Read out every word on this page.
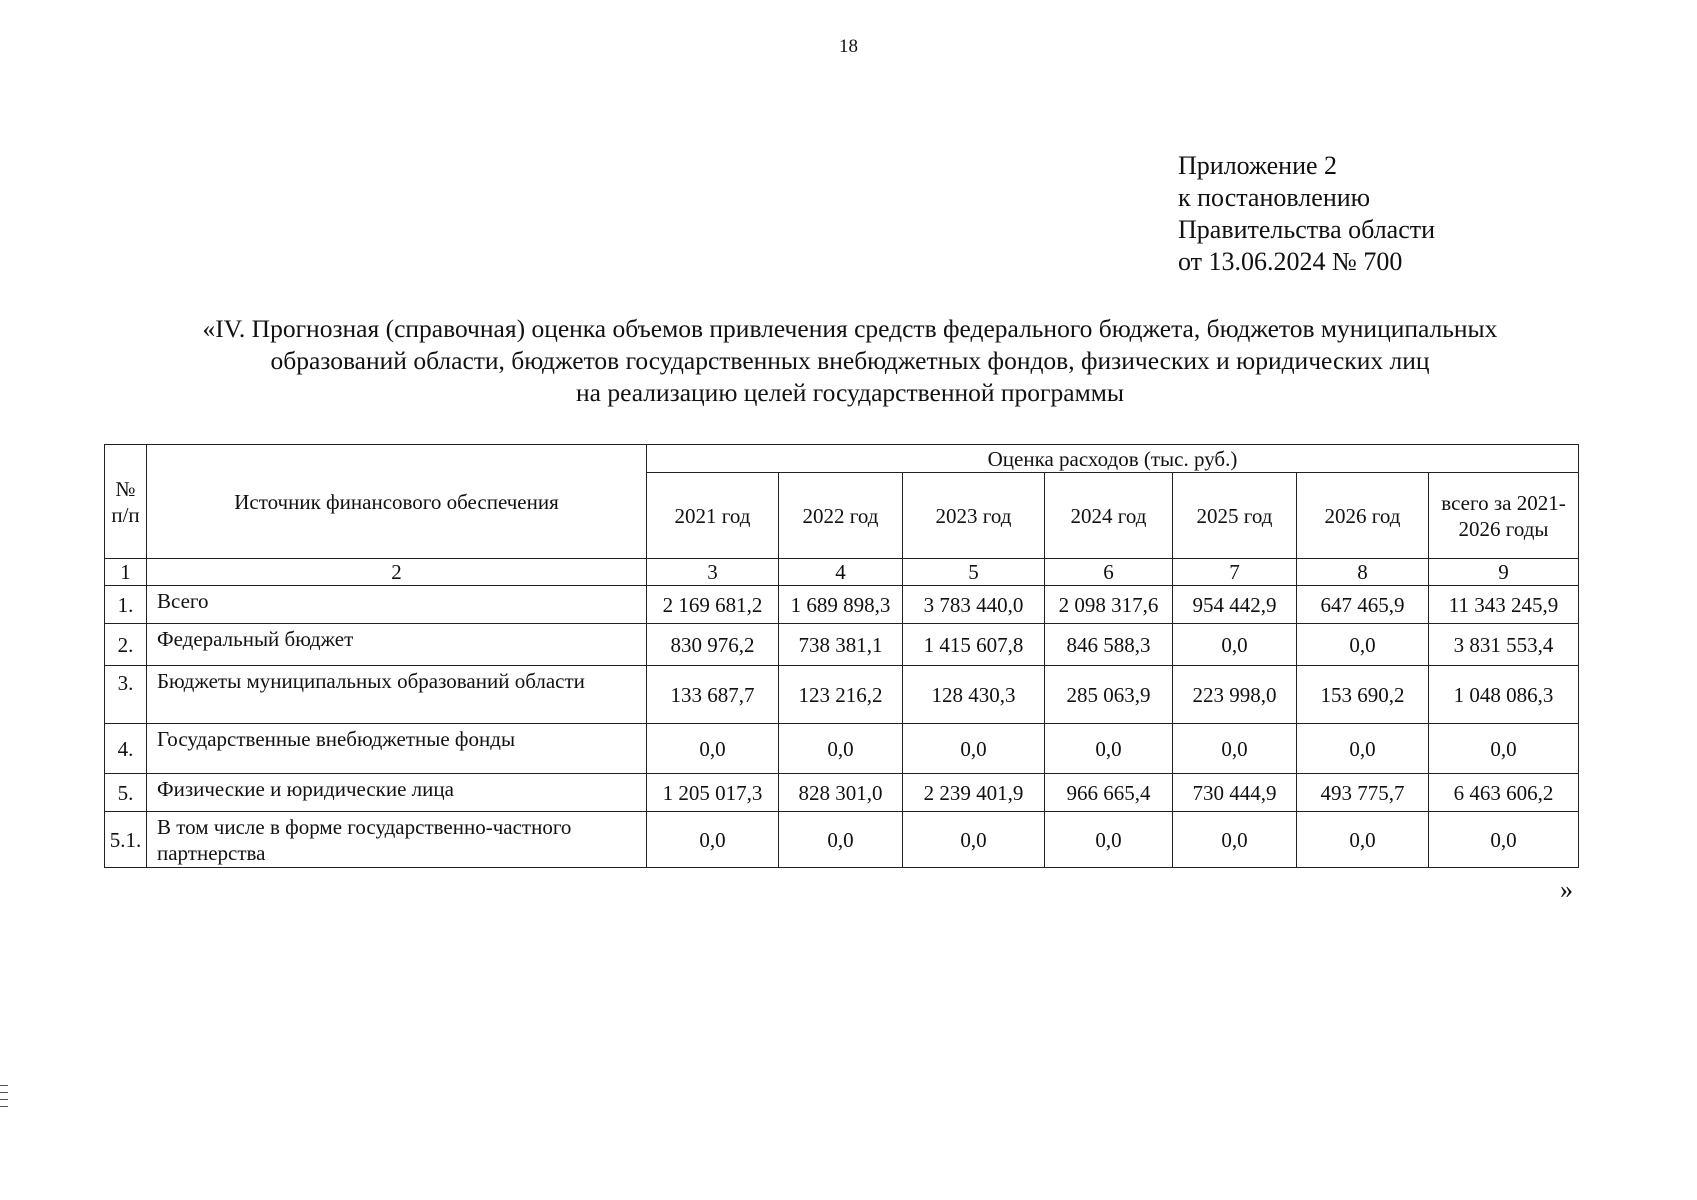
18
Приложение 2
к постановлению
Правительства области
от 13.06.2024 № 700
«IV. Прогнозная (справочная) оценка объемов привлечения средств федерального бюджета, бюджетов муниципальных
образований области, бюджетов государственных внебюджетных фондов, физических и юридических лиц
на реализацию целей государственной программы
№ п/п	Источник финансового обеспечения	Оценка расходов (тыс. руб.)						
		2021 год	2022 год	2023 год	2024 год	2025 год	2026 год	всего за 2021-2026 годы
1	2	3	4	5	6	7	8	9
1.	Всего	2 169 681,2	1 689 898,3	3 783 440,0	2 098 317,6	954 442,9	647 465,9	11 343 245,9
2.	Федеральный бюджет	830 976,2	738 381,1	1 415 607,8	846 588,3	0,0	0,0	3 831 553,4
3.	Бюджеты муниципальных образований области	133 687,7	123 216,2	128 430,3	285 063,9	223 998,0	153 690,2	1 048 086,3
4.	Государственные внебюджетные фонды	0,0	0,0	0,0	0,0	0,0	0,0	0,0
5.	Физические и юридические лица	1 205 017,3	828 301,0	2 239 401,9	966 665,4	730 444,9	493 775,7	6 463 606,2
5.1.	В том числе в форме государственно-частного партнерства	0,0	0,0	0,0	0,0	0,0	0,0	0,0
»
